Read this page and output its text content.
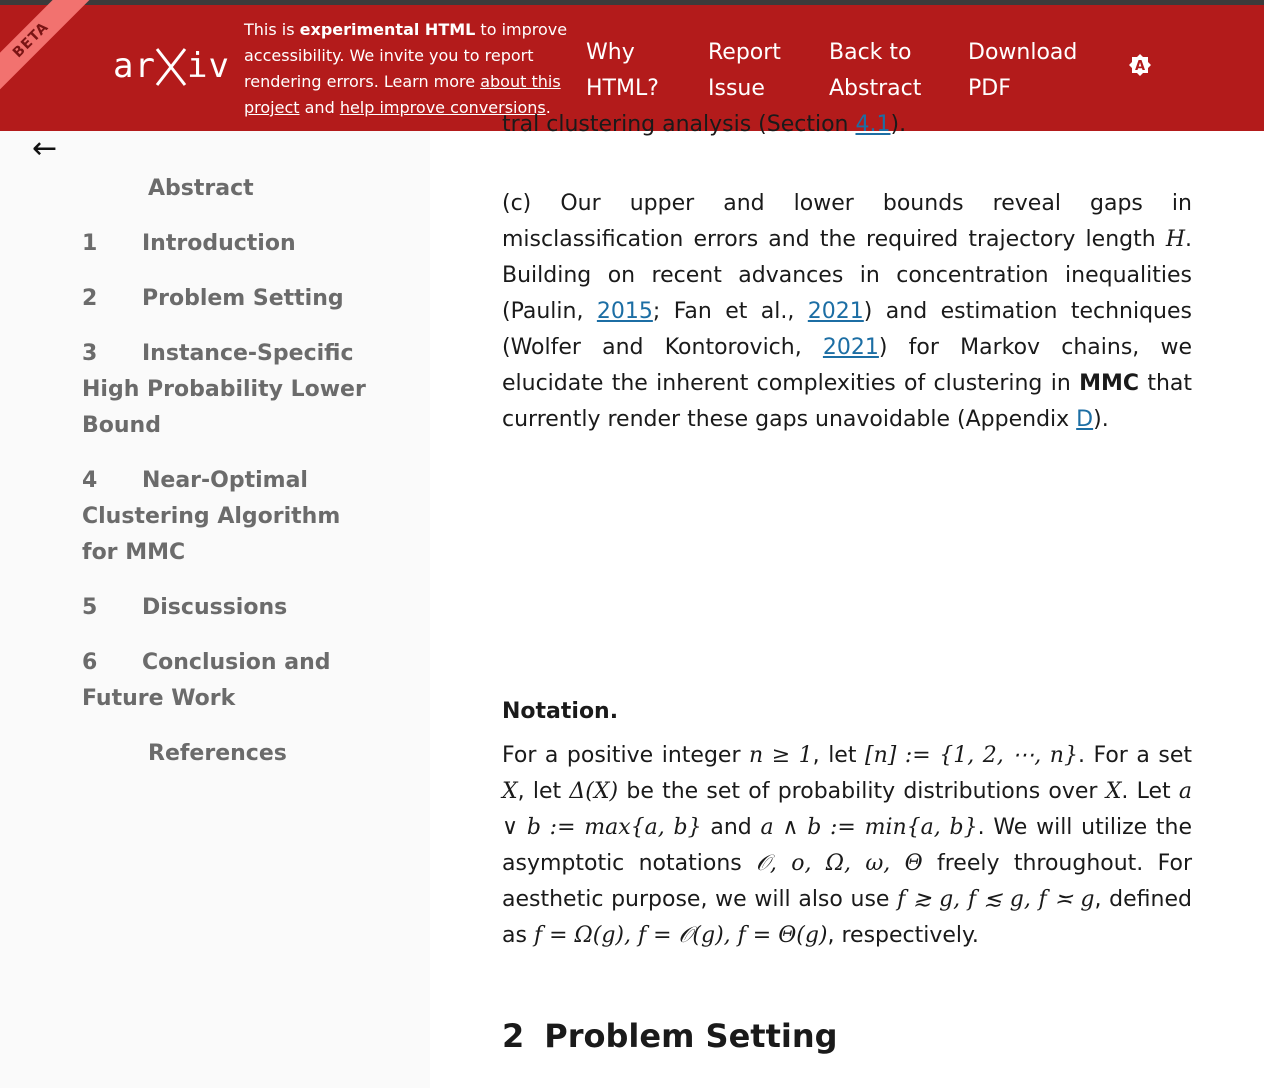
BETA
ar iv
This is experimental HTML to improve accessibility. We invite you to report rendering errors. Learn more about this project and help improve conversions.
Why
HTML?
Report
Issue
Back to
Abstract
Download
PDF
A
←
Abstract
1 Introduction
2 Problem Setting
3 Instance-Specific High Probability Lower Bound
4 Near-Optimal Clustering Algorithm for MMC
5 Discussions
6 Conclusion and Future Work
References
tral clustering analysis (Section 4.1).

(c) Our upper and lower bounds reveal gaps in misclassification errors and the required trajectory length H. Building on recent advances in concentration inequalities (Paulin, 2015; Fan et al., 2021) and estimation techniques (Wolfer and Kontorovich, 2021) for Markov chains, we elucidate the inherent complexities of clustering in MMC that currently render these gaps unavoidable (Appendix D).

Notation.

For a positive integer n ≥ 1, let [n] := {1, 2, ⋯, n}. For a set X, let Δ(X) be the set of probability distributions over X. Let a ∨ b := max{a, b} and a ∧ b := min{a, b}. We will utilize the asymptotic notations 𝒪, o, Ω, ω, Θ freely throughout. For aesthetic purpose, we will also use f ≳ g, f ≲ g, f ≍ g, defined as f = Ω(g), f = 𝒪(g), f = Θ(g), respectively.

2 Problem Setting
